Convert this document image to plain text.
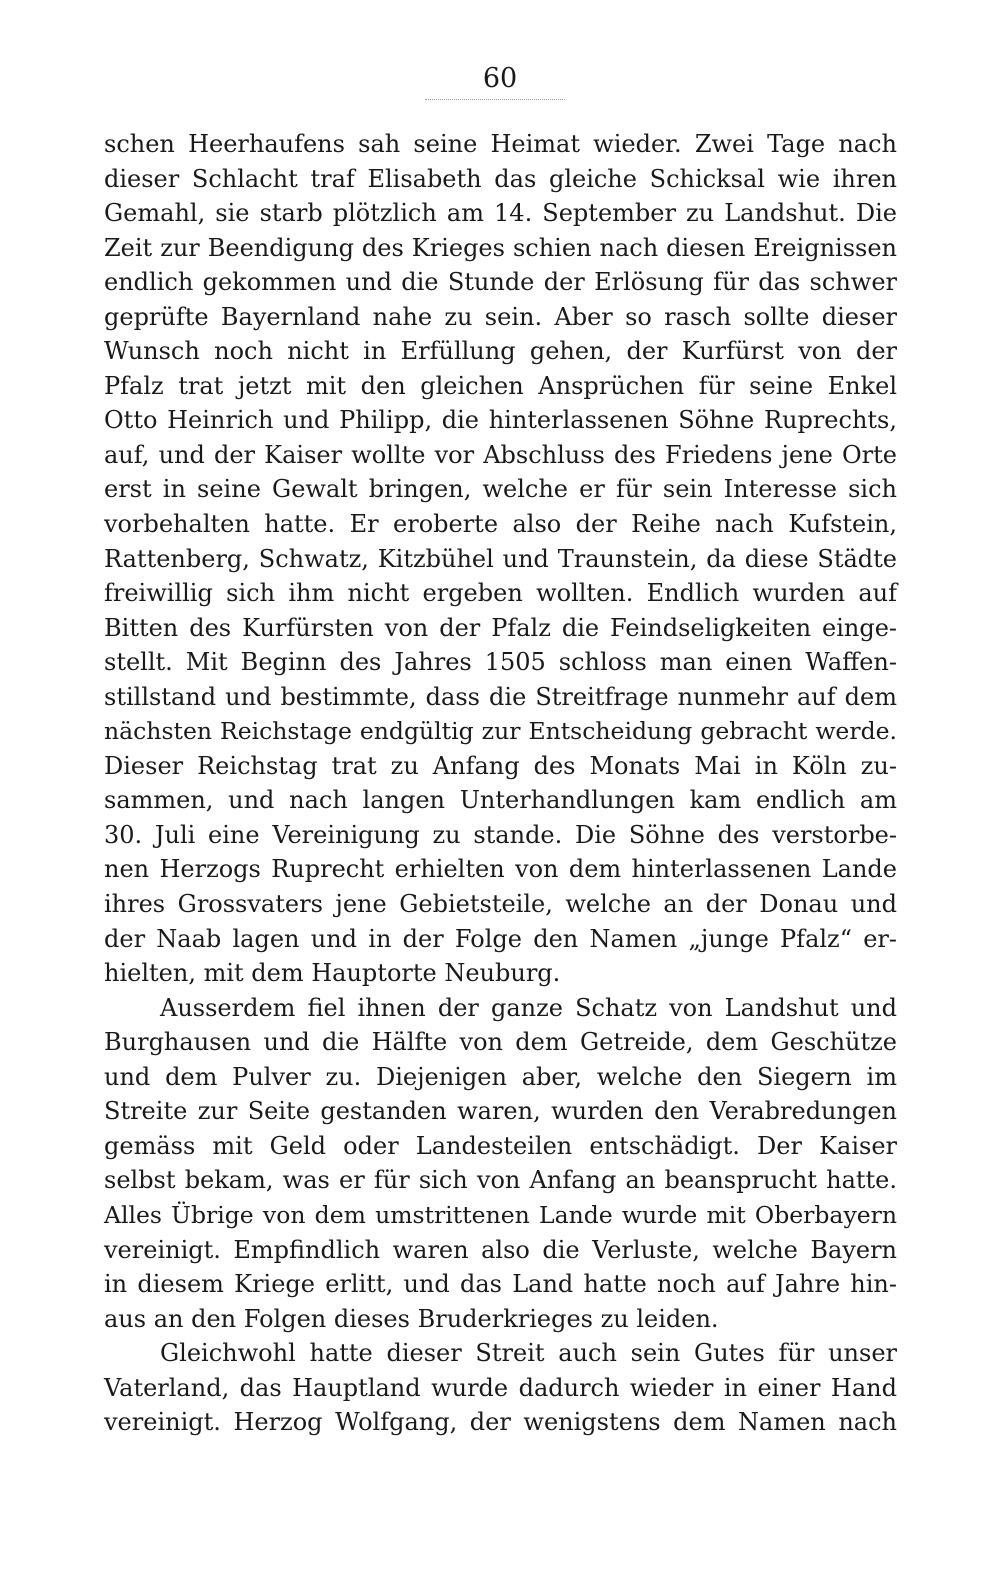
60
schen Heerhaufens sah seine Heimat wieder. Zwei Tage nach
dieser Schlacht traf Elisabeth das gleiche Schicksal wie ihren
Gemahl, sie starb plötzlich am 14. September zu Landshut. Die
Zeit zur Beendigung des Krieges schien nach diesen Ereignissen
endlich gekommen und die Stunde der Erlösung für das schwer
geprüfte Bayernland nahe zu sein. Aber so rasch sollte dieser
Wunsch noch nicht in Erfüllung gehen, der Kurfürst von der
Pfalz trat jetzt mit den gleichen Ansprüchen für seine Enkel
Otto Heinrich und Philipp, die hinterlassenen Söhne Ruprechts,
auf, und der Kaiser wollte vor Abschluss des Friedens jene Orte
erst in seine Gewalt bringen, welche er für sein Interesse sich
vorbehalten hatte. Er eroberte also der Reihe nach Kufstein,
Rattenberg, Schwatz, Kitzbühel und Traunstein, da diese Städte
freiwillig sich ihm nicht ergeben wollten. Endlich wurden auf
Bitten des Kurfürsten von der Pfalz die Feindseligkeiten einge-
stellt. Mit Beginn des Jahres 1505 schloss man einen Waffen-
stillstand und bestimmte, dass die Streitfrage nunmehr auf dem
nächsten Reichstage endgültig zur Entscheidung gebracht werde.
Dieser Reichstag trat zu Anfang des Monats Mai in Köln zu-
sammen, und nach langen Unterhandlungen kam endlich am
30. Juli eine Vereinigung zu stande. Die Söhne des verstorbe-
nen Herzogs Ruprecht erhielten von dem hinterlassenen Lande
ihres Grossvaters jene Gebietsteile, welche an der Donau und
der Naab lagen und in der Folge den Namen „junge Pfalz“ er-
hielten, mit dem Hauptorte Neuburg.
Ausserdem fiel ihnen der ganze Schatz von Landshut und
Burghausen und die Hälfte von dem Getreide, dem Geschütze
und dem Pulver zu. Diejenigen aber, welche den Siegern im
Streite zur Seite gestanden waren, wurden den Verabredungen
gemäss mit Geld oder Landesteilen entschädigt. Der Kaiser
selbst bekam, was er für sich von Anfang an beansprucht hatte.
Alles Übrige von dem umstrittenen Lande wurde mit Oberbayern
vereinigt. Empfindlich waren also die Verluste, welche Bayern
in diesem Kriege erlitt, und das Land hatte noch auf Jahre hin-
aus an den Folgen dieses Bruderkrieges zu leiden.
Gleichwohl hatte dieser Streit auch sein Gutes für unser
Vaterland, das Hauptland wurde dadurch wieder in einer Hand
vereinigt. Herzog Wolfgang, der wenigstens dem Namen nach
